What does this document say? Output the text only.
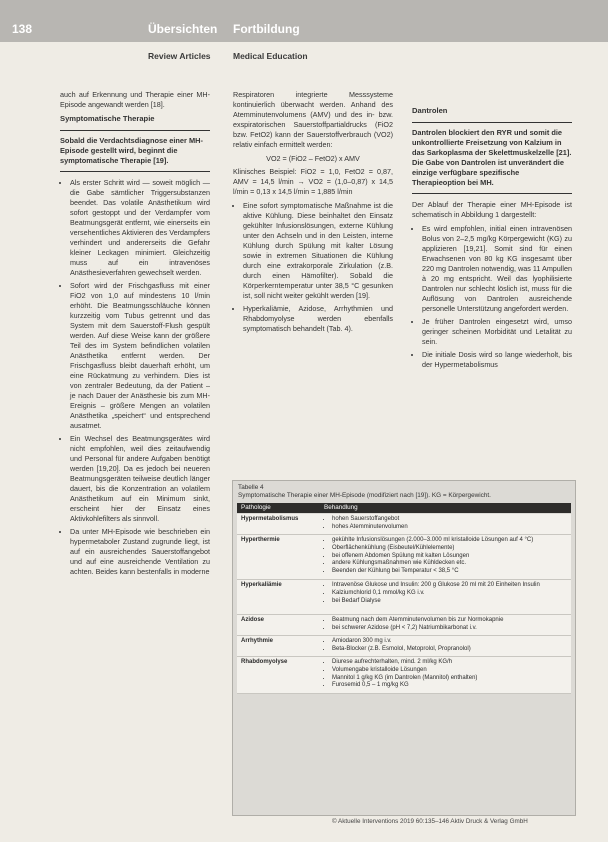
138	Übersichten Fortbildung
Review Articles	Medical Education

auch auf Erkennung und Therapie einer MH-Episode angewandt werden [18].

Symptomatische Therapie
Sobald die Verdachtsdiagnose einer MH-Episode gestellt wird, beginnt die symptomatische Therapie [19].
• Als erster Schritt wird — soweit möglich — die Gabe sämtlicher Triggersubstanzen beendet. Das volatile Anästhetikum wird sofort gestoppt und der Verdampfer vom Beatmungsgerät entfernt, wie einerseits ein versehentliches Aktivieren des Verdampfers verhindert und andererseits die Gefahr kleiner Leckagen minimiert. Gleichzeitig muss auf ein intravenöses Anästhesieverfahren gewechselt werden.
• Sofort wird der Frischgasfluss mit einer FiO2 von 1,0 auf mindestens 10 l/min erhöht. Die Beatmungsschläuche können kurzzeitig vom Tubus getrennt und das System mit dem Sauerstoff-Flush gespült werden. Auf diese Weise kann der größere Teil des im System befindlichen volatilen Anästhetika entfernt werden. Der Frischgasfluss bleibt dauerhaft erhöht, um eine Rückatmung zu verhindern. Dies ist von zentraler Bedeutung, da der Patient – je nach Dauer der Anästhesie bis zum MH-Ereignis – größere Mengen an volatilen Anästhetika „speichert“ und entsprechend ausatmet.
• Ein Wechsel des Beatmungsgerätes wird nicht empfohlen, weil dies zeitaufwendig und Personal für andere Aufgaben benötigt werden [19,20]. Da es jedoch bei neueren Beatmungsgeräten teilweise deutlich länger dauert, bis die Konzentration an volatilem Anästhetikum auf ein Minimum sinkt, erscheint hier der Einsatz eines Aktivkohlefilters als sinnvoll.
• Da unter MH-Episode wie beschrieben ein hypermetaboler Zustand zugrunde liegt, ist auf ein ausreichendes Sauerstoffangebot und auf eine ausreichende Ventilation zu achten. Beides kann bestenfalls in moderne

Respiratoren integrierte Messsysteme kontinuierlich überwacht werden. Anhand des Atemminutenvolumens (AMV) und des in- bzw. exspiratorischen Sauerstoffpartialdrucks (FiO2 bzw. FetO2) kann der Sauerstoffverbrauch (VO2) relativ einfach ermittelt werden:

VO2 = (FiO2 – FetO2) x AMV

Klinisches Beispiel: FiO2 = 1,0, FetO2 = 0,87, AMV = 14,5 l/min → VO2 = (1,0–0,87) x 14,5 l/min = 0,13 x 14,5 l/min = 1,885 l/min

• Eine sofort symptomatische Maßnahme ist die aktive Kühlung. Diese beinhaltet den Einsatz gekühlter Infusionslösungen, externe Kühlung unter den Achseln und in den Leisten, interne Kühlung durch Spülung mit kalter Lösung sowie in extremen Situationen die Kühlung durch eine extrakorporale Zirkulation (z.B. durch einen Hämofilter). Sobald die Körperkerntemperatur unter 38,5 °C gesunken ist, soll nicht weiter gekühlt werden [19].
• Hyperkaliämie, Azidose, Arrhythmien und Rhabdomyolyse werden ebenfalls symptomatisch behandelt (Tab. 4).
Dantrolen
Dantrolen blockiert den RYR und somit die unkontrollierte Freisetzung von Kalzium in das Sarkoplasma der Skelettmuskelzelle [21]. Die Gabe von Dantrolen ist unverändert die einzige verfügbare spezifische Therapieoption bei MH.

Der Ablauf der Therapie einer MH-Episode ist schematisch in Abbildung 1 dargestellt:

• Es wird empfohlen, initial einen intravenösen Bolus von 2–2,5 mg/kg Körpergewicht (KG) zu applizieren [19,21]. Somit sind für einen Erwachsenen von 80 kg KG insgesamt über 220 mg Dantrolen notwendig, was 11 Ampullen à 20 mg entspricht. Weil das lyophilisierte Dantrolen nur schlecht löslich ist, muss für die Auflösung von Dantrolen ausreichende personelle Unterstützung angefordert werden.
• Je früher Dantrolen eingesetzt wird, umso geringer scheinen Morbidität und Letalität zu sein.
• Die initiale Dosis wird so lange wiederholt, bis der Hypermetabolismus
Tabelle 4
Symptomatische Therapie einer MH-Episode (modifiziert nach [19]). KG = Körpergewicht.
Pathologie	Behandlung
Hypermetabolismus	• hohen Sauerstoffangebot
• hohes Atemminutenvolumen
Hyperthermie	• gekühlte Infusionslösungen (2.000–3.000 ml kristalloide Lösungen auf 4 °C)
• Oberflächenkühlung (Eisbeutel/Kühlelemente)
• bei offenem Abdomen Spülung mit kalten Lösungen
• andere Kühlungsmaßnahmen wie Kühldecken etc.
• Beenden der Kühlung bei Temperatur < 38,5 °C
Hyperkaliämie	• Intravenöse Glukose und Insulin: 200 g Glukose 20 ml mit 20 Einheiten Insulin
• Kalziumchlorid 0,1 mmol/kg KG i.v.
• bei Bedarf Dialyse
Azidose	• Beatmung nach dem Atemminutenvolumen bis zur Normokapnie
• bei schwerer Azidose (pH < 7,2) Natriumbikarbonat i.v.
Arrhythmie	• Amiodaron 300 mg i.v.
• Beta-Blocker (z.B. Esmolol, Metoprolol, Propranolol)
Rhabdomyolyse	• Diurese aufrechterhalten, mind. 2 ml/kg KG/h
• Volumengabe kristalloide Lösungen
• Mannitol 1 g/kg KG (im Dantrolen (Mannitol) enthalten)
• Furosemid 0,5 – 1 mg/kg KG
© Aktuelle Interventions 2019 60:135–146 Aktiv Druck & Verlag GmbH
